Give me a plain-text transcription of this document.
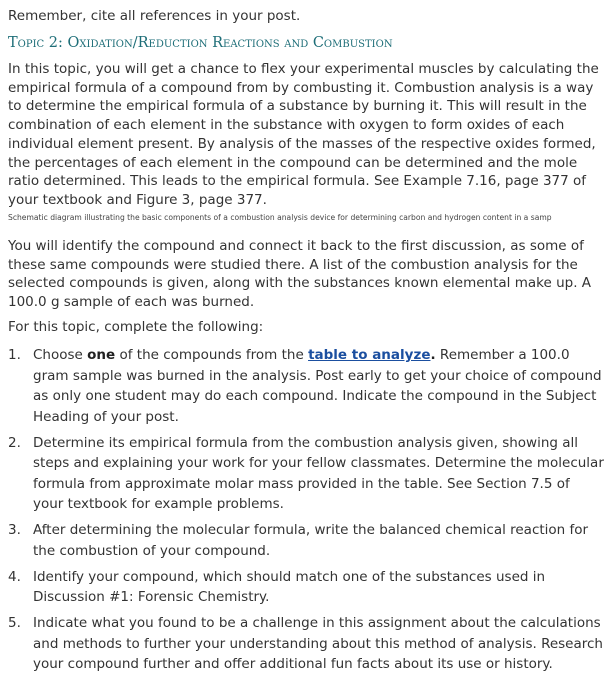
Remember, cite all references in your post.
Topic 2: Oxidation/Reduction Reactions and Combustion

In this topic, you will get a chance to flex your experimental muscles by calculating the empirical formula of a compound from by combusting it. Combustion analysis is a way to determine the empirical formula of a substance by burning it. This will result in the combination of each element in the substance with oxygen to form oxides of each individual element present. By analysis of the masses of the respective oxides formed, the percentages of each element in the compound can be determined and the mole ratio determined. This leads to the empirical formula. See Example 7.16, page 377 of your textbook and Figure 3, page 377.

Schematic diagram illustrating the basic components of a combustion analysis device for determining carbon and hydrogen content in a samp

You will identify the compound and connect it back to the first discussion, as some of these same compounds were studied there. A list of the combustion analysis for the selected compounds is given, along with the substances known elemental make up. A 100.0 g sample of each was burned.

For this topic, complete the following:
1. Choose one of the compounds from the table to analyze. Remember a 100.0 gram sample was burned in the analysis. Post early to get your choice of compound as only one student may do each compound. Indicate the compound in the Subject Heading of your post.
2. Determine its empirical formula from the combustion analysis given, showing all steps and explaining your work for your fellow classmates. Determine the molecular formula from approximate molar mass provided in the table. See Section 7.5 of your textbook for example problems.
3. After determining the molecular formula, write the balanced chemical reaction for the combustion of your compound.
4. Identify your compound, which should match one of the substances used in Discussion #1: Forensic Chemistry.
5. Indicate what you found to be a challenge in this assignment about the calculations and methods to further your understanding about this method of analysis. Research your compound further and offer additional fun facts about its use or history.
